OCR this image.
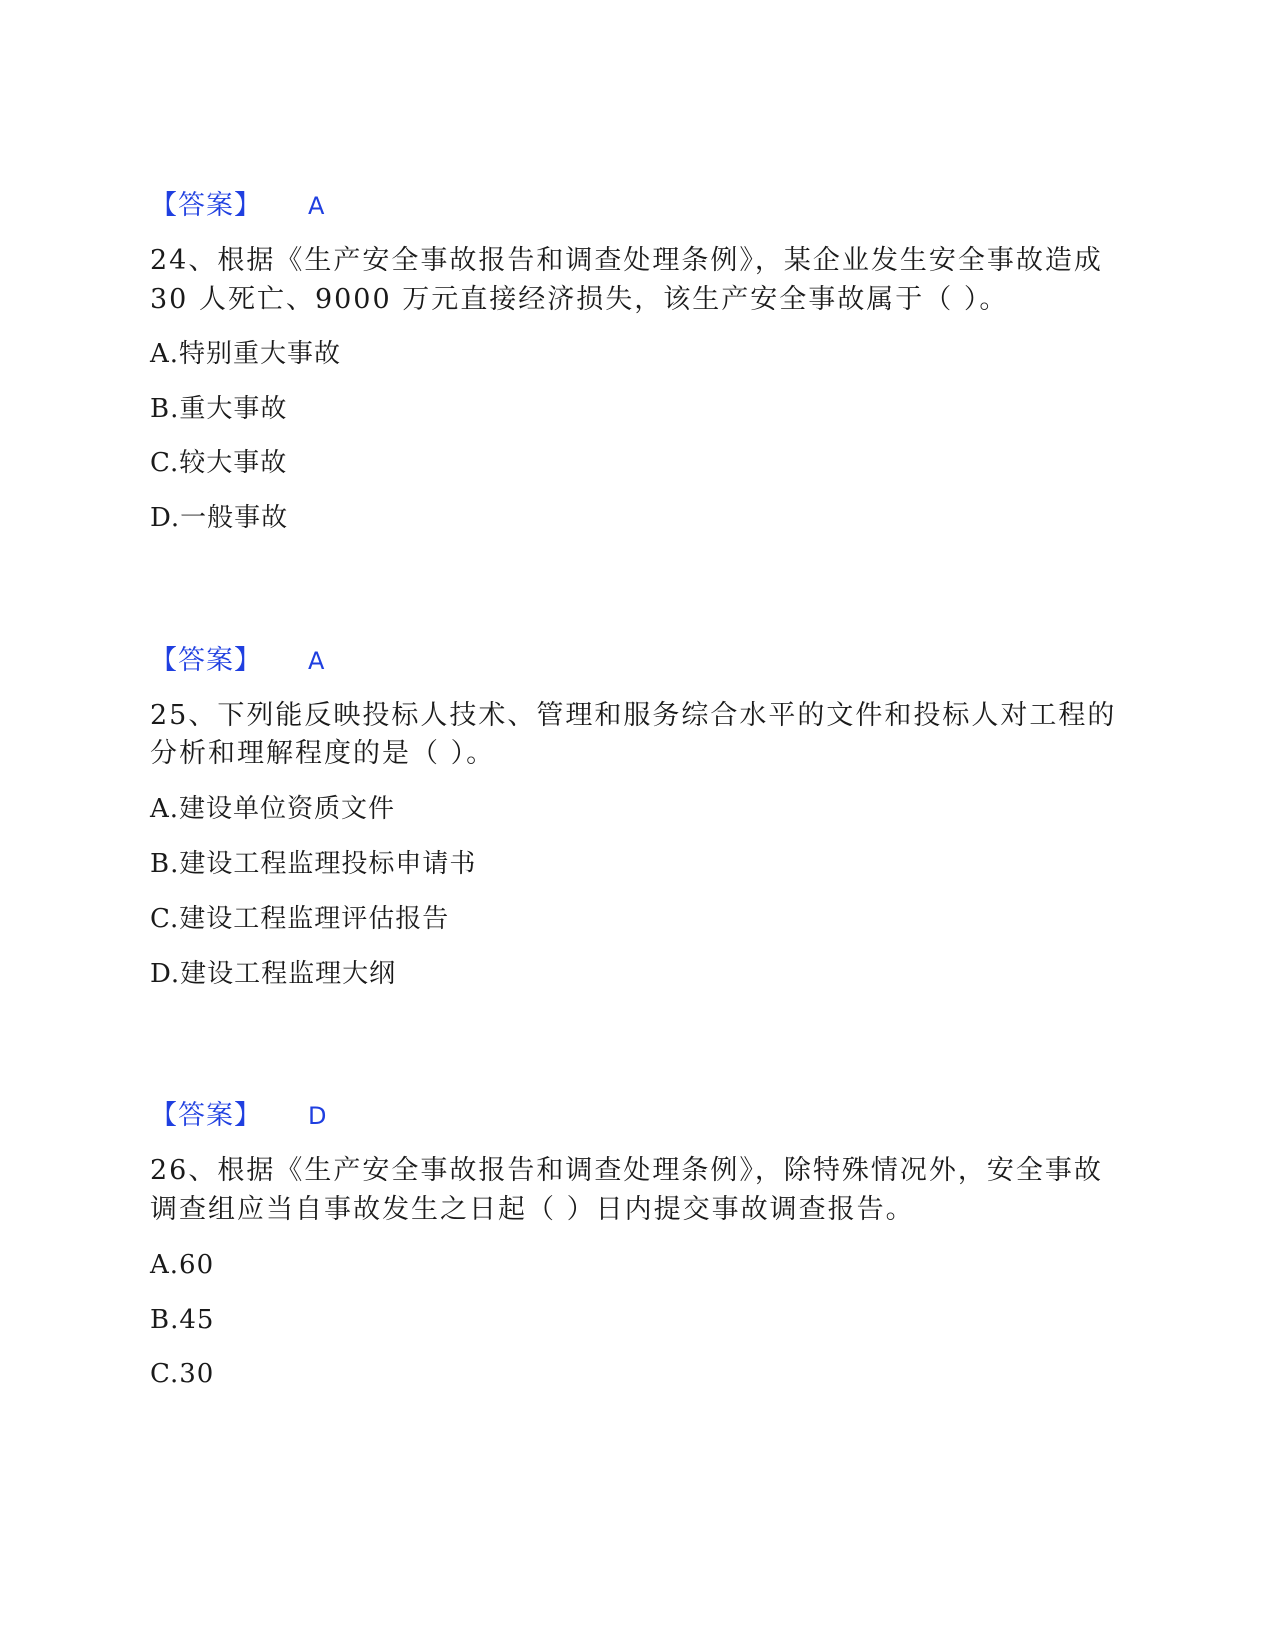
【答案】 A
24、根据《生产安全事故报告和调查处理条例》，某企业发生安全事故造成
30 人死亡、9000 万元直接经济损失，该生产安全事故属于（ ）。
A.特别重大事故
B.重大事故
C.较大事故
D.一般事故
【答案】 A
25、下列能反映投标人技术、管理和服务综合水平的文件和投标人对工程的
分析和理解程度的是（ ）。
A.建设单位资质文件
B.建设工程监理投标申请书
C.建设工程监理评估报告
D.建设工程监理大纲
【答案】 D
26、根据《生产安全事故报告和调查处理条例》，除特殊情况外，安全事故
调查组应当自事故发生之日起（ ）日内提交事故调查报告。
A.60
B.45
C.30
